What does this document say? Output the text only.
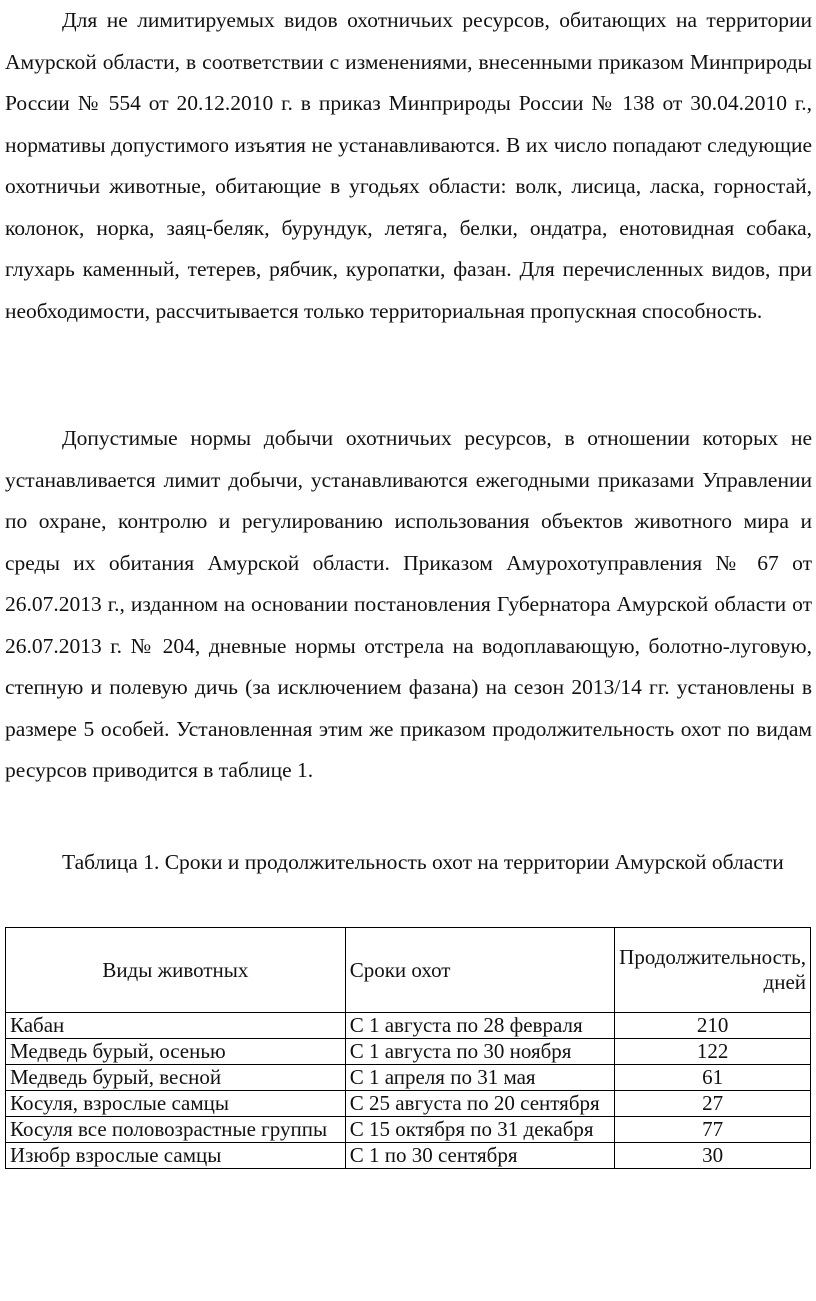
Для не лимитируемых видов охотничьих ресурсов, обитающих на территории Амурской области, в соответствии с изменениями, внесенными приказом Минприроды России № 554 от 20.12.2010 г. в приказ Минприроды России № 138 от 30.04.2010 г., нормативы допустимого изъятия не устанавливаются. В их число попадают следующие охотничьи животные, обитающие в угодьях области: волк, лисица, ласка, горностай, колонок, норка, заяц-беляк, бурундук, летяга, белки, ондатра, енотовидная собака, глухарь каменный, тетерев, рябчик, куропатки, фазан. Для перечисленных видов, при необходимости, рассчитывается только территориальная пропускная способность.

Допустимые нормы добычи охотничьих ресурсов, в отношении которых не устанавливается лимит добычи, устанавливаются ежегодными приказами Управлении по охране, контролю и регулированию использования объектов животного мира и среды их обитания Амурской области. Приказом Амурохотуправления № 67 от 26.07.2013 г., изданном на основании постановления Губернатора Амурской области от 26.07.2013 г. № 204, дневные нормы отстрела на водоплавающую, болотно-луговую, степную и полевую дичь (за исключением фазана) на сезон 2013/14 гг. установлены в размере 5 особей. Установленная этим же приказом продолжительность охот по видам ресурсов приводится в таблице 1.

Таблица 1. Сроки и продолжительность охот на территории Амурской области

Виды животных	Сроки охот	Продолжительность, дней
Кабан	С 1 августа по 28 февраля	210
Медведь бурый, осенью	С 1 августа по 30 ноября	122
Медведь бурый, весной	С 1 апреля по 31 мая	61
Косуля, взрослые самцы	С 25 августа по 20 сентября	27
Косуля все половозрастные группы	С 15 октября по 31 декабря	77
Изюбр взрослые самцы	С 1 по 30 сентября	30
